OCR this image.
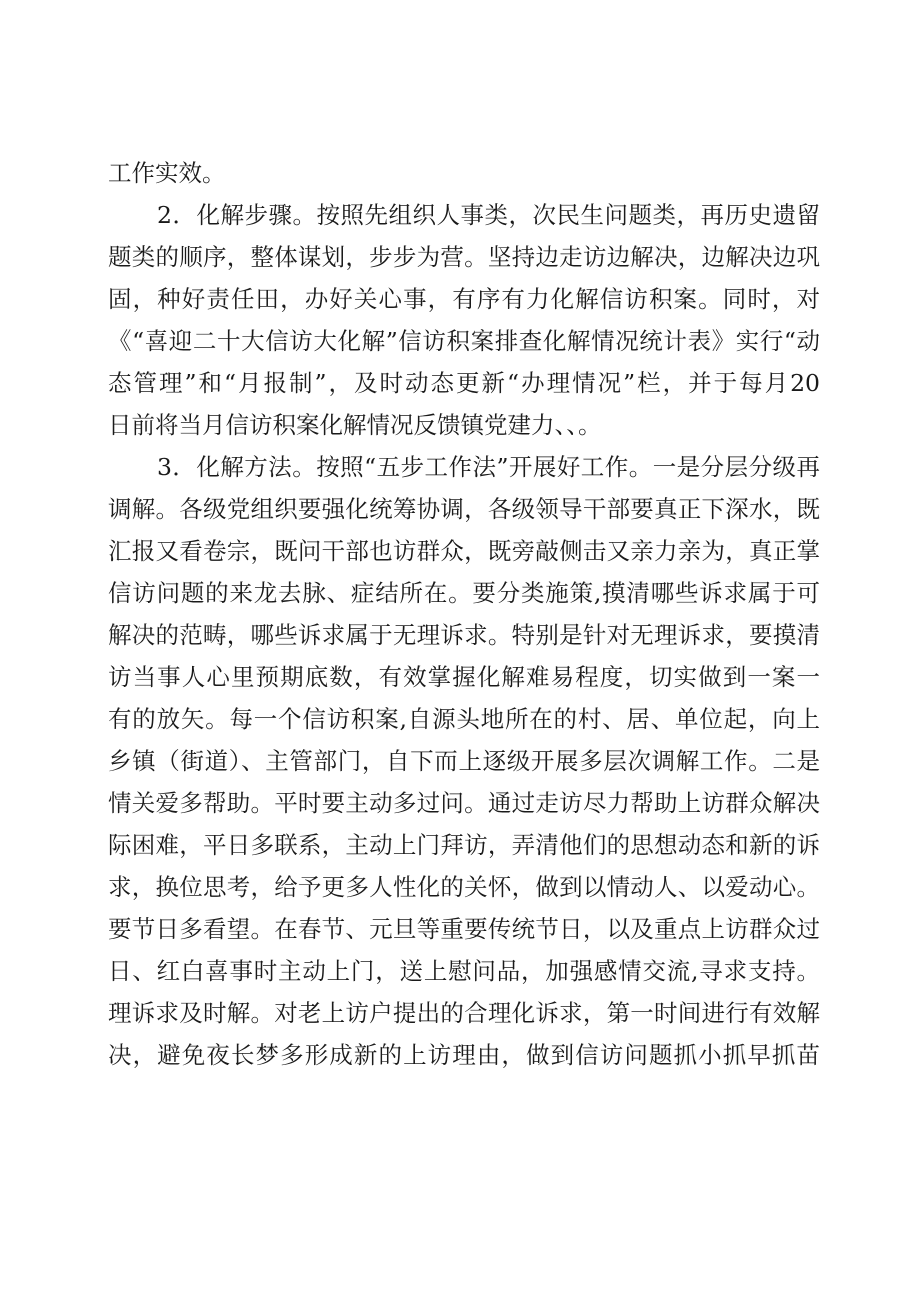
工作实效。
2．化解步骤。按照先组织人事类，次民生问题类，再历史遗留
题类的顺序，整体谋划，步步为营。坚持边走访边解决，边解决边巩
固，种好责任田，办好关心事，有序有力化解信访积案。同时，对
《“喜迎二十大信访大化解”信访积案排查化解情况统计表》实行“动
态管理”和“月报制”，及时动态更新“办理情况”栏，并于每月20
日前将当月信访积案化解情况反馈镇党建力、、。
3．化解方法。按照“五步工作法”开展好工作。一是分层分级再
调解。各级党组织要强化统筹协调，各级领导干部要真正下深水，既
汇报又看卷宗，既问干部也访群众，既旁敲侧击又亲力亲为，真正掌
信访问题的来龙去脉、症结所在。要分类施策,摸清哪些诉求属于可
解决的范畴，哪些诉求属于无理诉求。特别是针对无理诉求，要摸清
访当事人心里预期底数，有效掌握化解难易程度，切实做到一案一
有的放矢。每一个信访积案,自源头地所在的村、居、单位起，向上
乡镇（街道）、主管部门，自下而上逐级开展多层次调解工作。二是
情关爱多帮助。平时要主动多过问。通过走访尽力帮助上访群众解决
际困难，平日多联系，主动上门拜访，弄清他们的思想动态和新的诉
求，换位思考，给予更多人性化的关怀，做到以情动人、以爱动心。
要节日多看望。在春节、元旦等重要传统节日，以及重点上访群众过
日、红白喜事时主动上门，送上慰问品，加强感情交流,寻求支持。
理诉求及时解。对老上访户提出的合理化诉求，第一时间进行有效解
决，避免夜长梦多形成新的上访理由，做到信访问题抓小抓早抓苗
